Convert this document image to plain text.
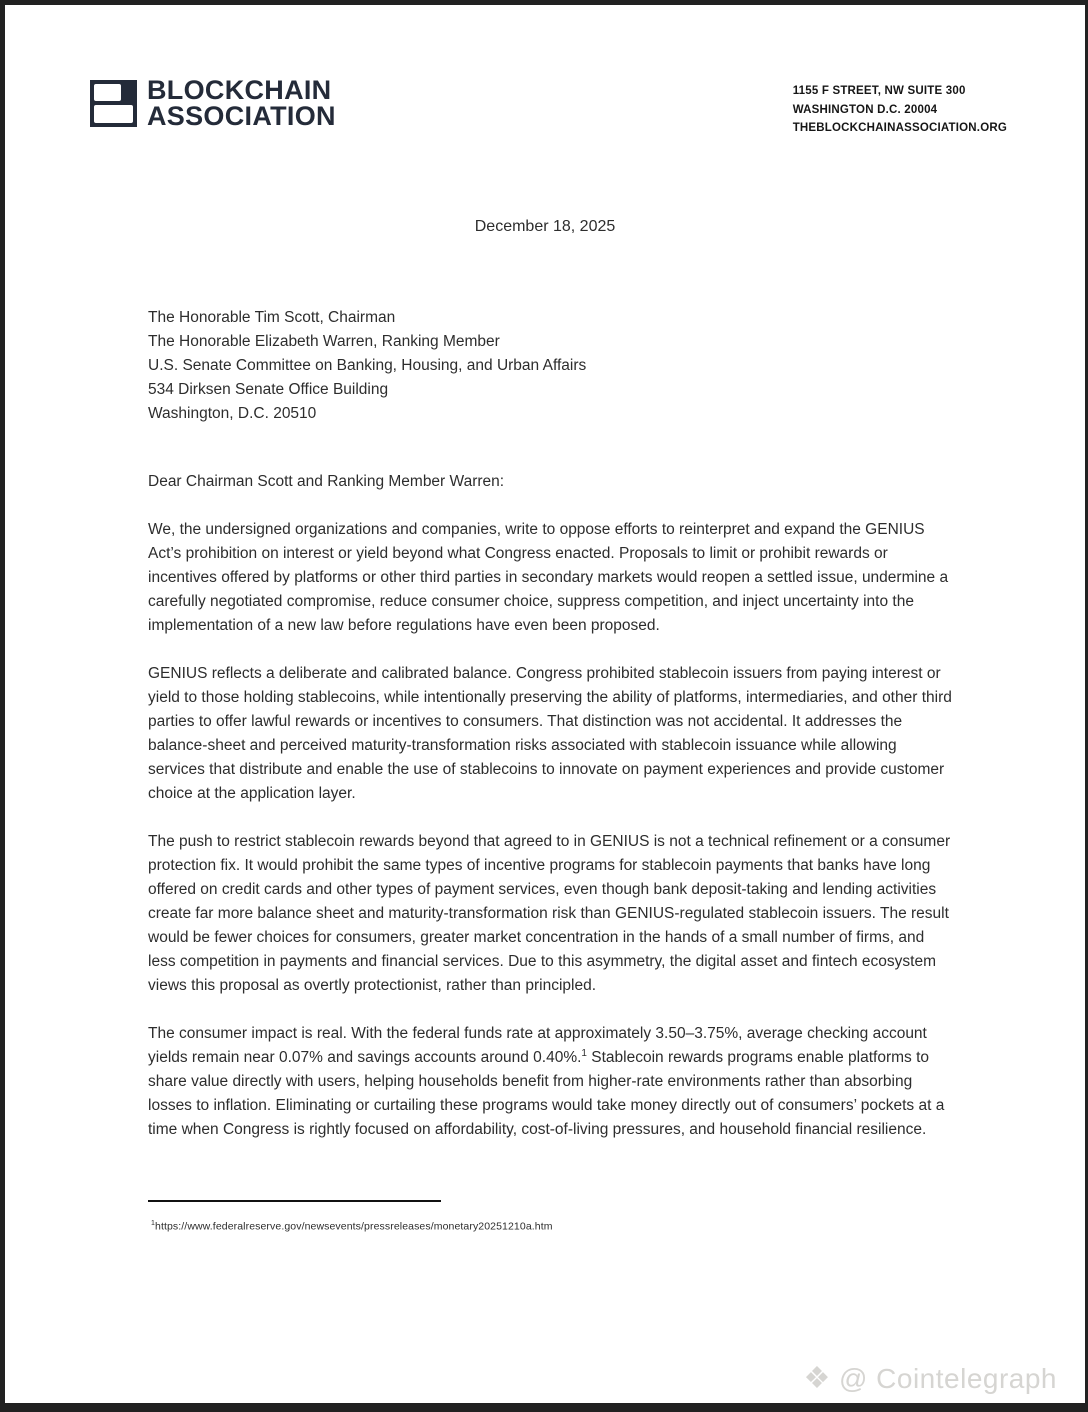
BLOCKCHAIN
ASSOCIATION
1155 F STREET, NW SUITE 300
WASHINGTON D.C. 20004
THEBLOCKCHAINASSOCIATION.ORG
December 18, 2025
The Honorable Tim Scott, Chairman
The Honorable Elizabeth Warren, Ranking Member
U.S. Senate Committee on Banking, Housing, and Urban Affairs
534 Dirksen Senate Office Building
Washington, D.C. 20510
Dear Chairman Scott and Ranking Member Warren:

We, the undersigned organizations and companies, write to oppose efforts to reinterpret and expand the GENIUS Act’s prohibition on interest or yield beyond what Congress enacted. Proposals to limit or prohibit rewards or incentives offered by platforms or other third parties in secondary markets would reopen a settled issue, undermine a carefully negotiated compromise, reduce consumer choice, suppress competition, and inject uncertainty into the implementation of a new law before regulations have even been proposed.

GENIUS reflects a deliberate and calibrated balance. Congress prohibited stablecoin issuers from paying interest or yield to those holding stablecoins, while intentionally preserving the ability of platforms, intermediaries, and other third parties to offer lawful rewards or incentives to consumers. That distinction was not accidental. It addresses the balance-sheet and perceived maturity-transformation risks associated with stablecoin issuance while allowing services that distribute and enable the use of stablecoins to innovate on payment experiences and provide customer choice at the application layer.

The push to restrict stablecoin rewards beyond that agreed to in GENIUS is not a technical refinement or a consumer protection fix. It would prohibit the same types of incentive programs for stablecoin payments that banks have long offered on credit cards and other types of payment services, even though bank deposit-taking and lending activities create far more balance sheet and maturity-transformation risk than GENIUS-regulated stablecoin issuers. The result would be fewer choices for consumers, greater market concentration in the hands of a small number of firms, and less competition in payments and financial services. Due to this asymmetry, the digital asset and fintech ecosystem views this proposal as overtly protectionist, rather than principled.

The consumer impact is real. With the federal funds rate at approximately 3.50–3.75%, average checking account yields remain near 0.07% and savings accounts around 0.40%.$^1$ Stablecoin rewards programs enable platforms to share value directly with users, helping households benefit from higher-rate environments rather than absorbing losses to inflation. Eliminating or curtailing these programs would take money directly out of consumers’ pockets at a time when Congress is rightly focused on affordability, cost-of-living pressures, and household financial resilience.

$^1$https://www.federalreserve.gov/newsevents/pressreleases/monetary20251210a.htm
❖ @ Cointelegraph
